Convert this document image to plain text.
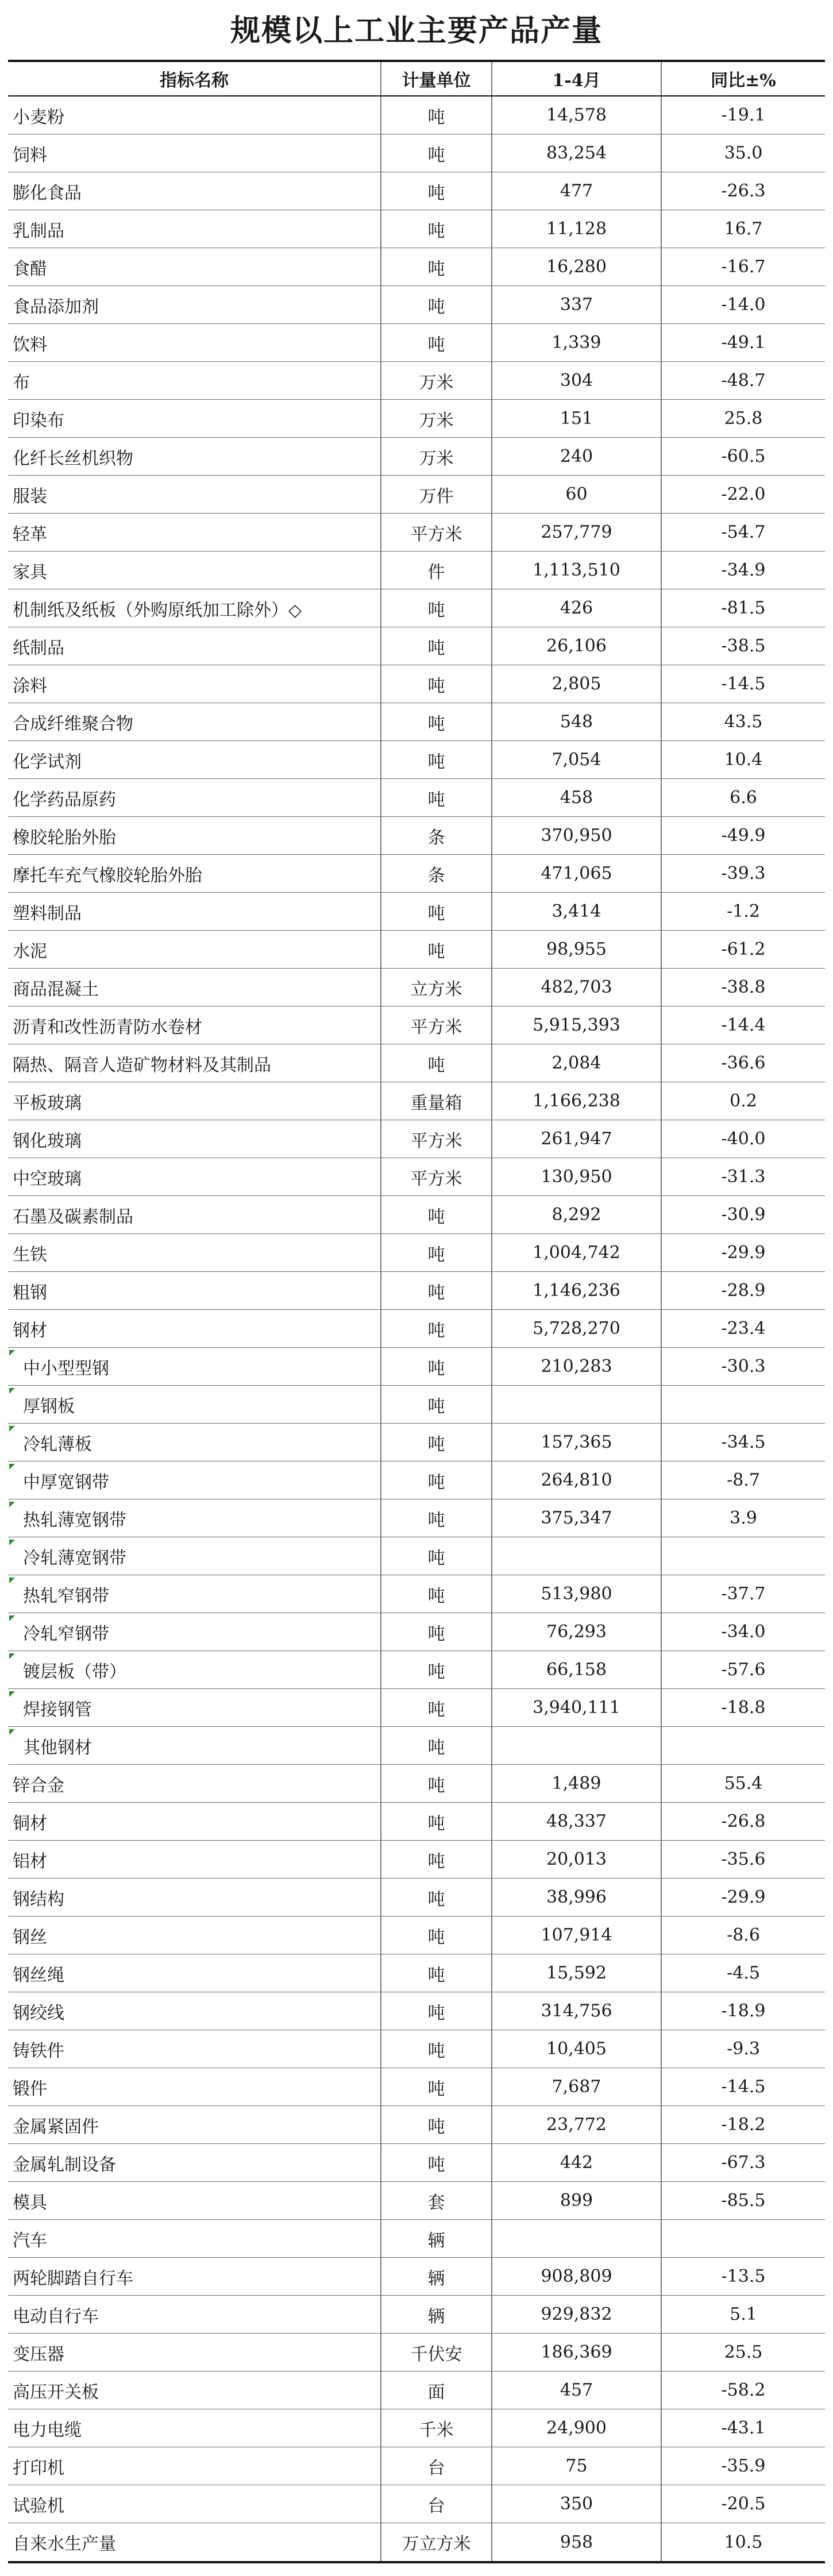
规模以上工业主要产品产量
指标名称	计量单位	1-4月	同比±%
小麦粉	吨	14,578	-19.1
饲料	吨	83,254	35.0
膨化食品	吨	477	-26.3
乳制品	吨	11,128	16.7
食醋	吨	16,280	-16.7
食品添加剂	吨	337	-14.0
饮料	吨	1,339	-49.1
布	万米	304	-48.7
印染布	万米	151	25.8
化纤长丝机织物	万米	240	-60.5
服装	万件	60	-22.0
轻革	平方米	257,779	-54.7
家具	件	1,113,510	-34.9
机制纸及纸板（外购原纸加工除外）◇	吨	426	-81.5
纸制品	吨	26,106	-38.5
涂料	吨	2,805	-14.5
合成纤维聚合物	吨	548	43.5
化学试剂	吨	7,054	10.4
化学药品原药	吨	458	6.6
橡胶轮胎外胎	条	370,950	-49.9
摩托车充气橡胶轮胎外胎	条	471,065	-39.3
塑料制品	吨	3,414	-1.2
水泥	吨	98,955	-61.2
商品混凝土	立方米	482,703	-38.8
沥青和改性沥青防水卷材	平方米	5,915,393	-14.4
隔热、隔音人造矿物材料及其制品	吨	2,084	-36.6
平板玻璃	重量箱	1,166,238	0.2
钢化玻璃	平方米	261,947	-40.0
中空玻璃	平方米	130,950	-31.3
石墨及碳素制品	吨	8,292	-30.9
生铁	吨	1,004,742	-29.9
粗钢	吨	1,146,236	-28.9
钢材	吨	5,728,270	-23.4
中小型型钢	吨	210,283	-30.3
厚钢板	吨
冷轧薄板	吨	157,365	-34.5
中厚宽钢带	吨	264,810	-8.7
热轧薄宽钢带	吨	375,347	3.9
冷轧薄宽钢带	吨
热轧窄钢带	吨	513,980	-37.7
冷轧窄钢带	吨	76,293	-34.0
镀层板（带）	吨	66,158	-57.6
焊接钢管	吨	3,940,111	-18.8
其他钢材	吨
锌合金	吨	1,489	55.4
铜材	吨	48,337	-26.8
铝材	吨	20,013	-35.6
钢结构	吨	38,996	-29.9
钢丝	吨	107,914	-8.6
钢丝绳	吨	15,592	-4.5
钢绞线	吨	314,756	-18.9
铸铁件	吨	10,405	-9.3
锻件	吨	7,687	-14.5
金属紧固件	吨	23,772	-18.2
金属轧制设备	吨	442	-67.3
模具	套	899	-85.5
汽车	辆
两轮脚踏自行车	辆	908,809	-13.5
电动自行车	辆	929,832	5.1
变压器	千伏安	186,369	25.5
高压开关板	面	457	-58.2
电力电缆	千米	24,900	-43.1
打印机	台	75	-35.9
试验机	台	350	-20.5
自来水生产量	万立方米	958	10.5
